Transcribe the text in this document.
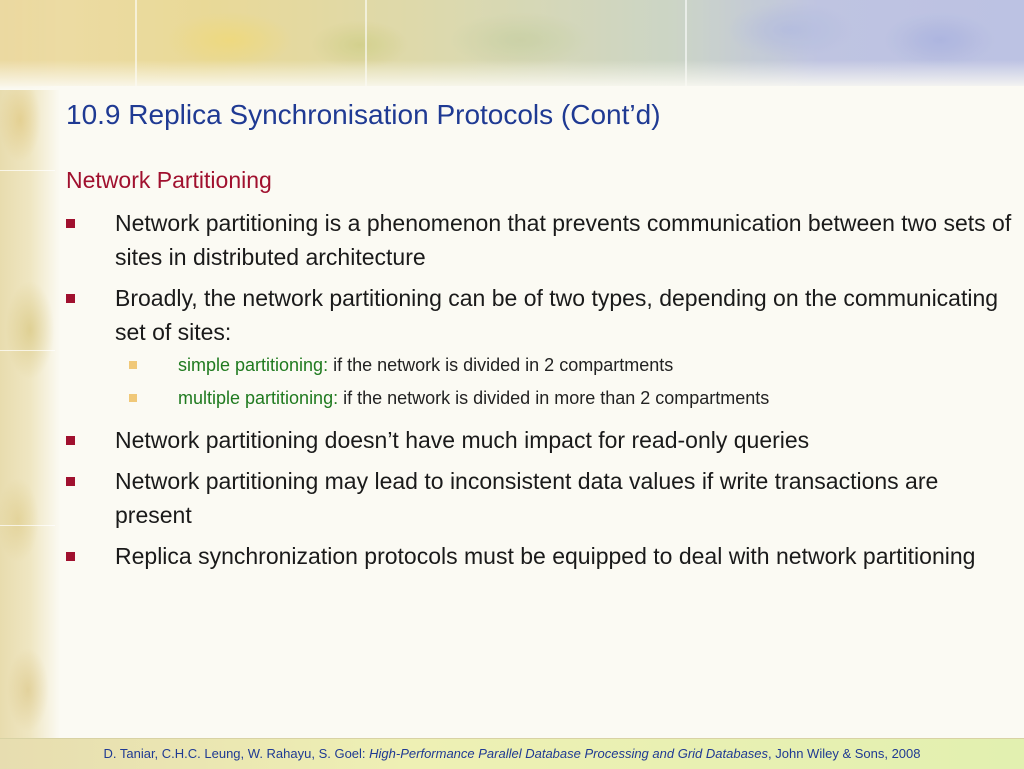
10.9 Replica Synchronisation Protocols (Cont’d)
Network Partitioning
Network partitioning is a phenomenon that prevents communication between two sets of sites in distributed architecture
Broadly, the network partitioning can be of two types, depending on the communicating set of sites:
simple partitioning: if the network is divided in 2 compartments
multiple partitioning: if the network is divided in more than 2 compartments
Network partitioning doesn’t have much impact for read-only queries
Network partitioning may lead to inconsistent data values if write transactions are present
Replica synchronization protocols must be equipped to deal with network partitioning
D. Taniar, C.H.C. Leung, W. Rahayu, S. Goel: High-Performance Parallel Database Processing and Grid Databases, John Wiley & Sons, 2008
